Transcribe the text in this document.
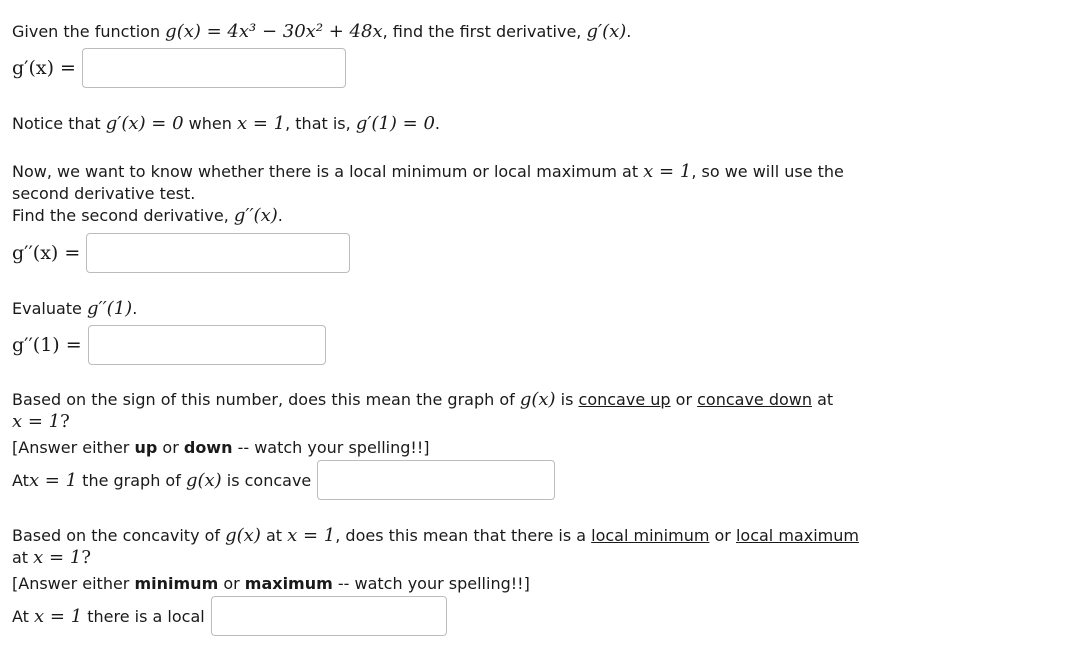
Given the function g(x) = 4x³ − 30x² + 48x, find the first derivative, g′(x).
g′(x) =
Notice that g′(x) = 0 when x = 1, that is, g′(1) = 0.
Now, we want to know whether there is a local minimum or local maximum at x = 1, so we will use the
second derivative test.
Find the second derivative, g′′(x).
g′′(x) =
Evaluate g′′(1).
g′′(1) =
Based on the sign of this number, does this mean the graph of g(x) is concave up or concave down at
x = 1?
[Answer either up or down -- watch your spelling!!]
At x = 1 the graph of g(x) is concave
Based on the concavity of g(x) at x = 1, does this mean that there is a local minimum or local maximum
at x = 1?
[Answer either minimum or maximum -- watch your spelling!!]
At x = 1 there is a local
